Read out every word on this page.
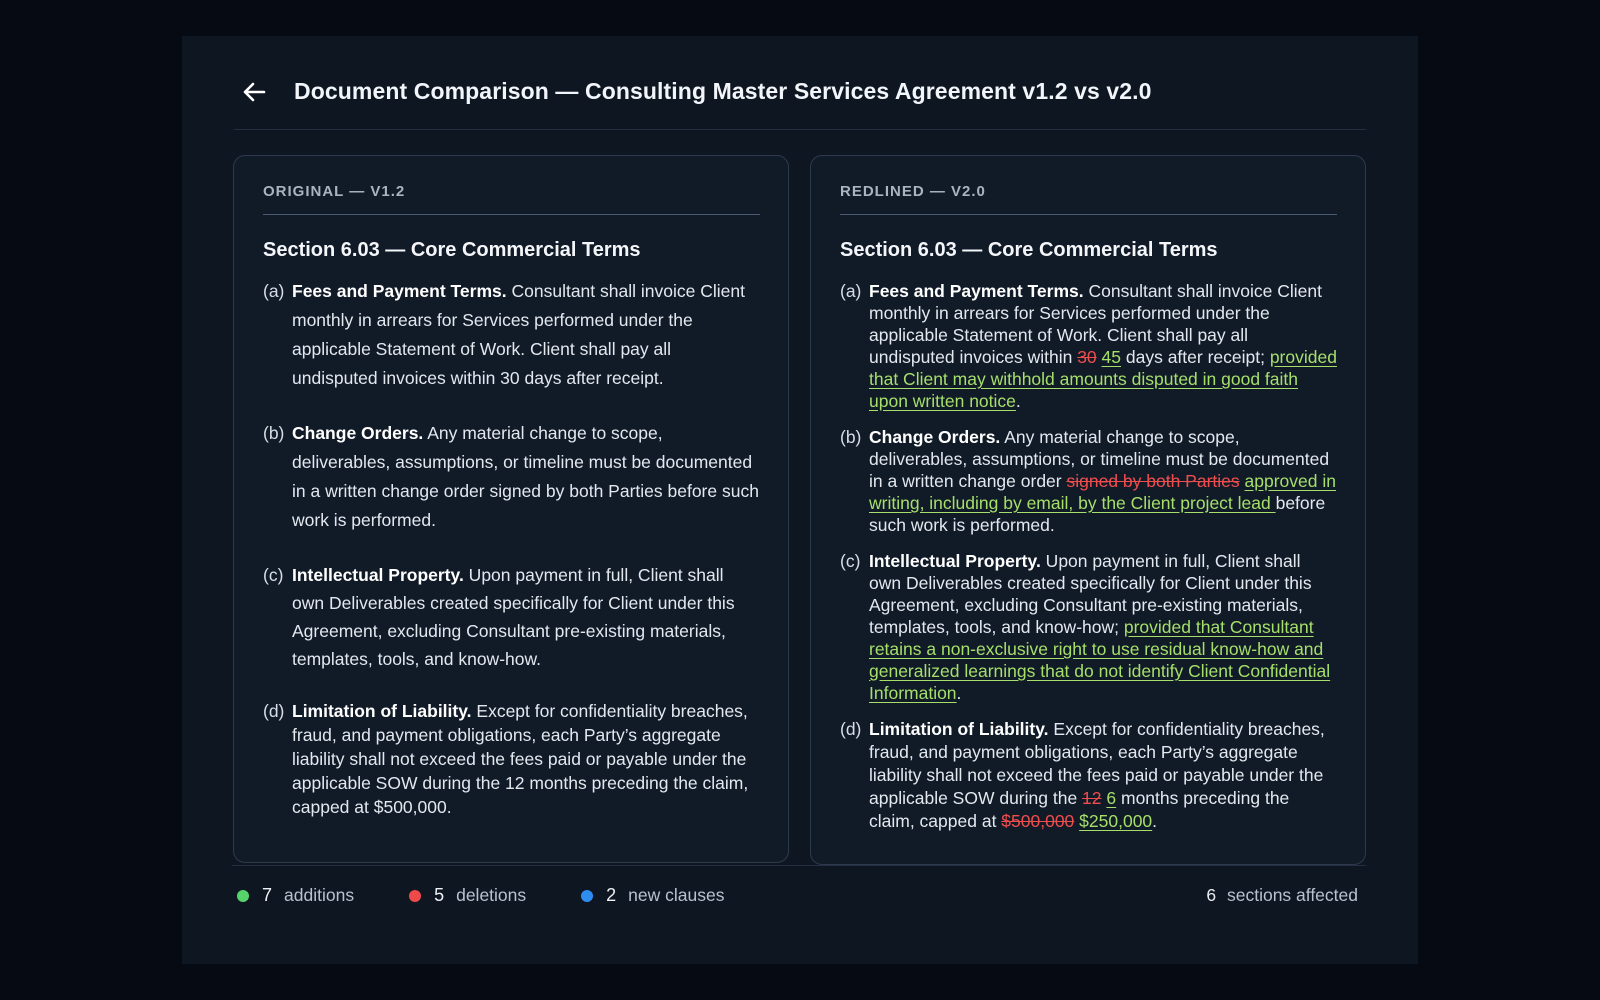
Document Comparison — Consulting Master Services Agreement v1.2 vs v2.0
ORIGINAL — V1.2
Section 6.03 — Core Commercial Terms
(a) Fees and Payment Terms. Consultant shall invoice Client monthly in arrears for Services performed under the applicable Statement of Work. Client shall pay all undisputed invoices within 30 days after receipt.
(b) Change Orders. Any material change to scope, deliverables, assumptions, or timeline must be documented in a written change order signed by both Parties before such work is performed.
(c) Intellectual Property. Upon payment in full, Client shall own Deliverables created specifically for Client under this Agreement, excluding Consultant pre-existing materials, templates, tools, and know-how.
(d) Limitation of Liability. Except for confidentiality breaches, fraud, and payment obligations, each Party’s aggregate liability shall not exceed the fees paid or payable under the applicable SOW during the 12 months preceding the claim, capped at $500,000.
REDLINED — V2.0
Section 6.03 — Core Commercial Terms
(a) Fees and Payment Terms. Consultant shall invoice Client monthly in arrears for Services performed under the applicable Statement of Work. Client shall pay all undisputed invoices within 30 45 days after receipt; provided that Client may withhold amounts disputed in good faith upon written notice.
(b) Change Orders. Any material change to scope, deliverables, assumptions, or timeline must be documented in a written change order signed by both Parties approved in writing, including by email, by the Client project lead before such work is performed.
(c) Intellectual Property. Upon payment in full, Client shall own Deliverables created specifically for Client under this Agreement, excluding Consultant pre-existing materials, templates, tools, and know-how; provided that Consultant retains a non-exclusive right to use residual know-how and generalized learnings that do not identify Client Confidential Information.
(d) Limitation of Liability. Except for confidentiality breaches, fraud, and payment obligations, each Party’s aggregate liability shall not exceed the fees paid or payable under the applicable SOW during the 12 6 months preceding the claim, capped at $500,000 $250,000.
7 additions	5 deletions	2 new clauses	6 sections affected
